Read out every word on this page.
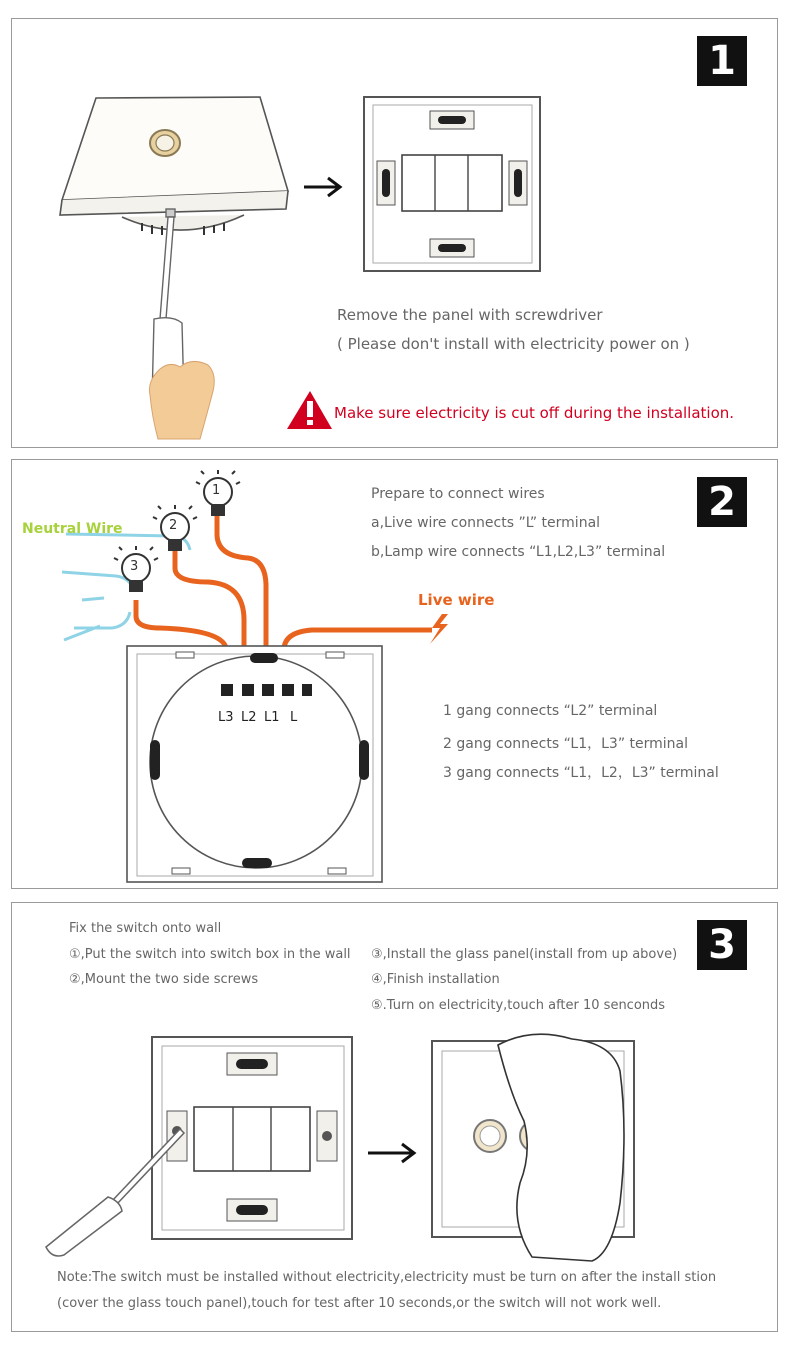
1
Remove the panel with screwdriver
( Please don't install with electricity power on )
Make sure electricity is cut off during the installation.
1
2
3
L3 L2 L1 L
Neutral Wire
Live wire
2
Prepare to connect wires
a,Live wire connects ”L” terminal
b,Lamp wire connects “L1,L2,L3” terminal
1 gang connects “L2” terminal
2 gang connects “L1，L3” terminal
3 gang connects “L1，L2，L3” terminal
3
Fix the switch onto wall
①,Put the switch into switch box in the wall
②,Mount the two side screws
③,Install the glass panel(install from up above)
④,Finish installation
⑤.Turn on electricity,touch after 10 senconds
Note:The switch must be installed without electricity,electricity must be turn on after the install stion
(cover the glass touch panel),touch for test after 10 seconds,or the switch will not work well.
